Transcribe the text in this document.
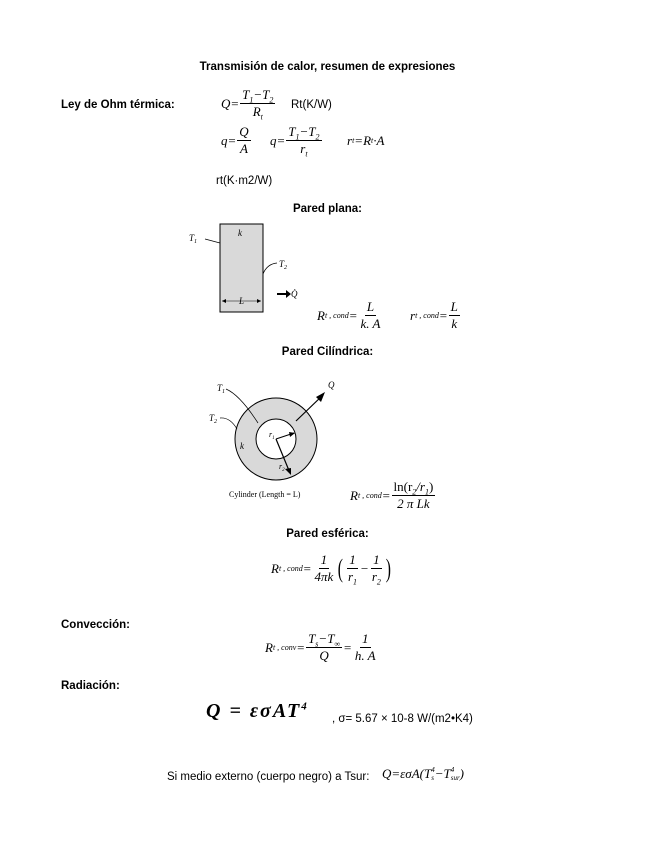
Transmisión de calor, resumen de expresiones
Ley de Ohm térmica:	$Q= \frac{T_1-T_2}{R_t} Rt(K/W)$
$q= \frac{Q}{A} q= \frac{T_1-T_2}{r_t}$ r t =R t ·A
rt(K·m2/W)
Pared plana:
$T_1$
$T_2$
k
L
Q̇
R t , cond = $\frac{L}{k. A}$ r t , cond = $\frac{L}{k}$
Pared Cilíndrica:
$T_1$
$T_2$
k
$r_1$
$r_2$
Q
Cylinder (Length = L)	R t , cond = $\frac{\ln(r_2/r_1)}{\text{2 π Lk}}$
Pared esférica:
R t , cond = $\frac{1}{4\pi k}$ ( $\frac{1}{r_1} - \frac{1}{r_2}$ )
Convección:
R t , conv = $\frac{T_s-T_\infty}{Q} = \frac{1}{h. A}$
Radiación:
Q = εσAT$^4$
, σ= 5.67 × 10-8 W/(m2•K4)
Si medio externo (cuerpo negro) a Tsur: Q=εσA( T 4
s −T 4
sur )
